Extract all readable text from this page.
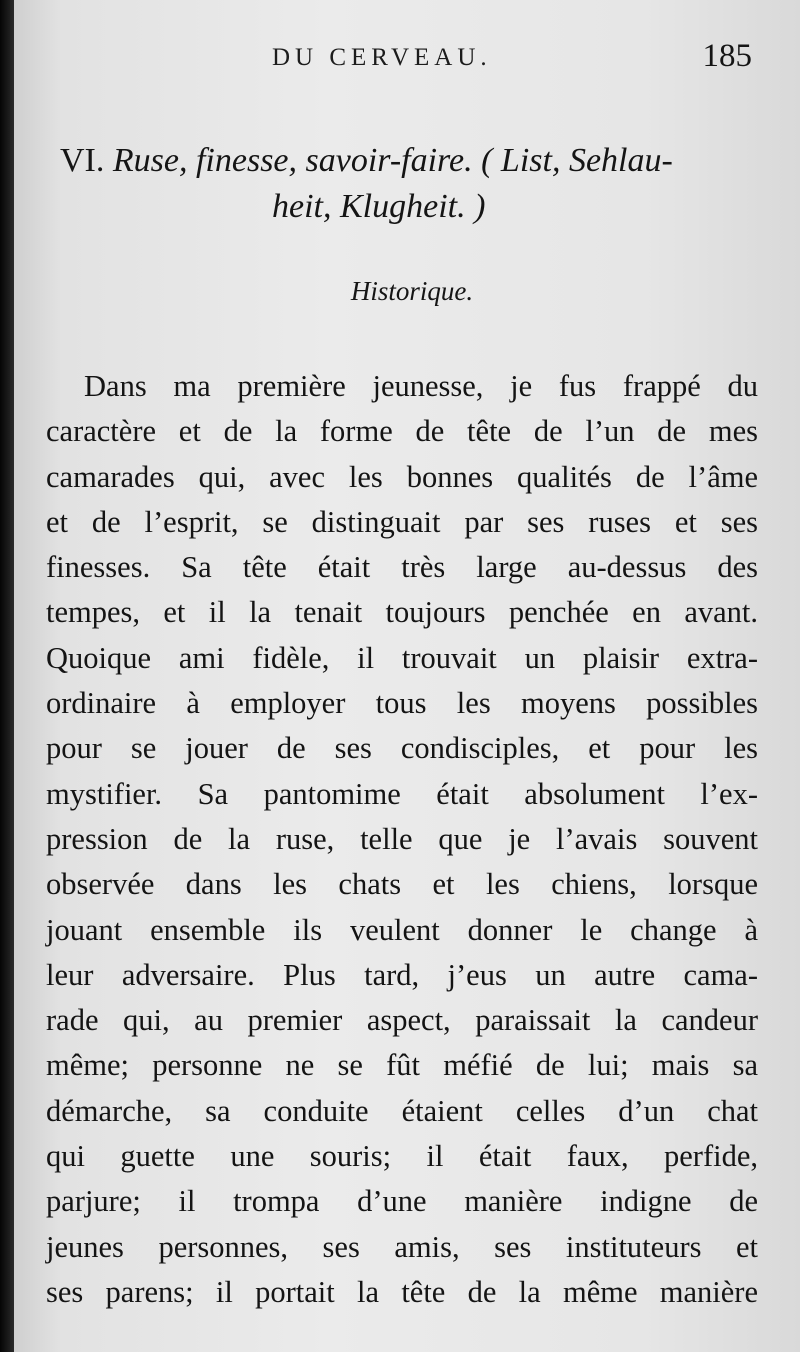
DU CERVEAU.	185
VI. Ruse, finesse, savoir-faire. ( List, Sehlau-
heit, Klugheit. )
Historique.
Dans ma première jeunesse, je fus frappé du
caractère et de la forme de tête de l’un de mes
camarades qui, avec les bonnes qualités de l’âme
et de l’esprit, se distinguait par ses ruses et ses
finesses. Sa tête était très large au-dessus des
tempes, et il la tenait toujours penchée en avant.
Quoique ami fidèle, il trouvait un plaisir extra-
ordinaire à employer tous les moyens possibles
pour se jouer de ses condisciples, et pour les
mystifier. Sa pantomime était absolument l’ex-
pression de la ruse, telle que je l’avais souvent
observée dans les chats et les chiens, lorsque
jouant ensemble ils veulent donner le change à
leur adversaire. Plus tard, j’eus un autre cama-
rade qui, au premier aspect, paraissait la candeur
même; personne ne se fût méfié de lui; mais sa
démarche, sa conduite étaient celles d’un chat
qui guette une souris; il était faux, perfide,
parjure; il trompa d’une manière indigne de
jeunes personnes, ses amis, ses instituteurs et
ses parens; il portait la tête de la même manière
